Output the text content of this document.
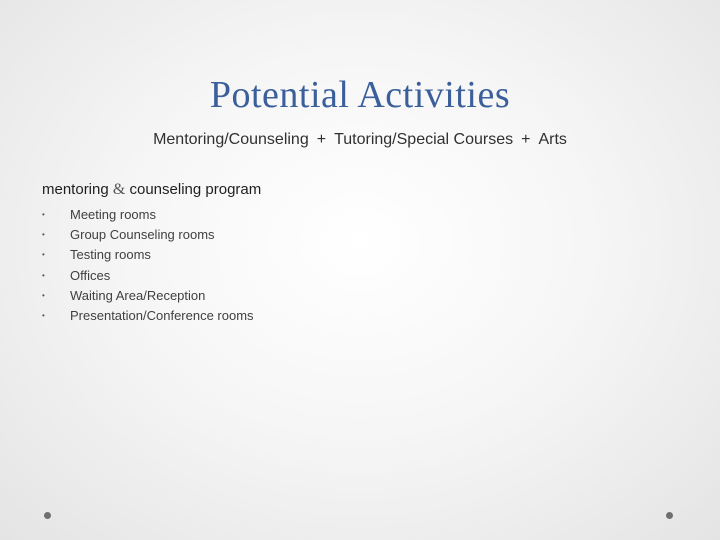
Potential Activities
Mentoring/Counseling + Tutoring/Special Courses + Arts
mentoring & counseling program
•	Meeting rooms
•	Group Counseling rooms
•	Testing rooms
•	Offices
•	Waiting Area/Reception
•	Presentation/Conference rooms
